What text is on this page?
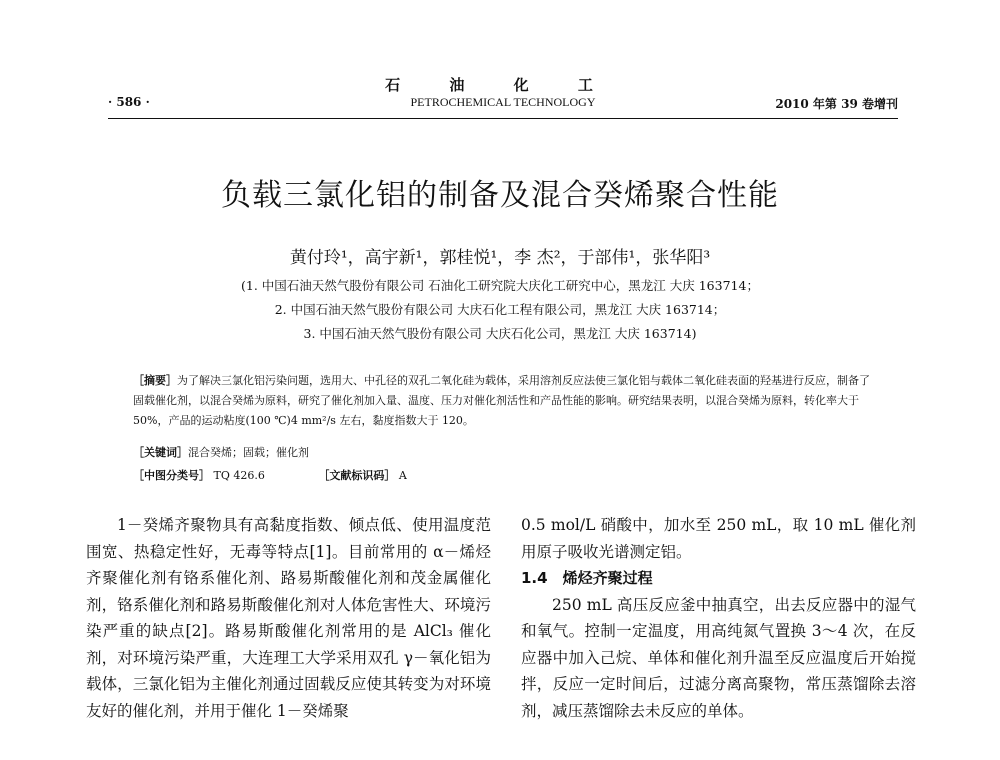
石 油 化 工
· 586 ·	PETROCHEMICAL TECHNOLOGY	2010 年第 39 卷增刊
负载三氯化铝的制备及混合癸烯聚合性能
黄付玲¹，高宇新¹，郭桂悦¹，李 杰²，于部伟¹，张华阳³
(1. 中国石油天然气股份有限公司 石油化工研究院大庆化工研究中心，黑龙江 大庆 163714；
2. 中国石油天然气股份有限公司 大庆石化工程有限公司，黑龙江 大庆 163714；
3. 中国石油天然气股份有限公司 大庆石化公司，黑龙江 大庆 163714)

［摘要］为了解决三氯化铝污染问题，选用大、中孔径的双孔二氧化硅为载体，采用溶剂反应法使三氯化铝与载体二氧化硅表面的羟基进行反应，制备了固载催化剂，以混合癸烯为原料，研究了催化剂加入量、温度、压力对催化剂活性和产品性能的影响。研究结果表明，以混合癸烯为原料，转化率大于 50%，产品的运动粘度(100 ℃)4 mm²/s 左右，黏度指数大于 120。

［关键词］混合癸烯；固载；催化剂
［中图分类号］ TQ 426.6	［文献标识码］ A

1－癸烯齐聚物具有高黏度指数、倾点低、使用温度范围宽、热稳定性好，无毒等特点[1]。目前常用的 α－烯烃齐聚催化剂有铬系催化剂、路易斯酸催化剂和茂金属催化剂，铬系催化剂和路易斯酸催化剂对人体危害性大、环境污染严重的缺点[2]。路易斯酸催化剂常用的是 AlCl₃ 催化剂，对环境污染严重，大连理工大学采用双孔 γ－氧化铝为载体，三氯化铝为主催化剂通过固载反应使其转变为对环境友好的催化剂，并用于催化 1－癸烯聚

0.5 mol/L 硝酸中，加水至 250 mL，取 10 mL 催化剂用原子吸收光谱测定铝。

1.4　烯烃齐聚过程

250 mL 高压反应釜中抽真空，出去反应器中的湿气和氧气。控制一定温度，用高纯氮气置换 3～4 次，在反应器中加入己烷、单体和催化剂升温至反应温度后开始搅拌，反应一定时间后，过滤分离高聚物，常压蒸馏除去溶剂，减压蒸馏除去未反应的单体。
